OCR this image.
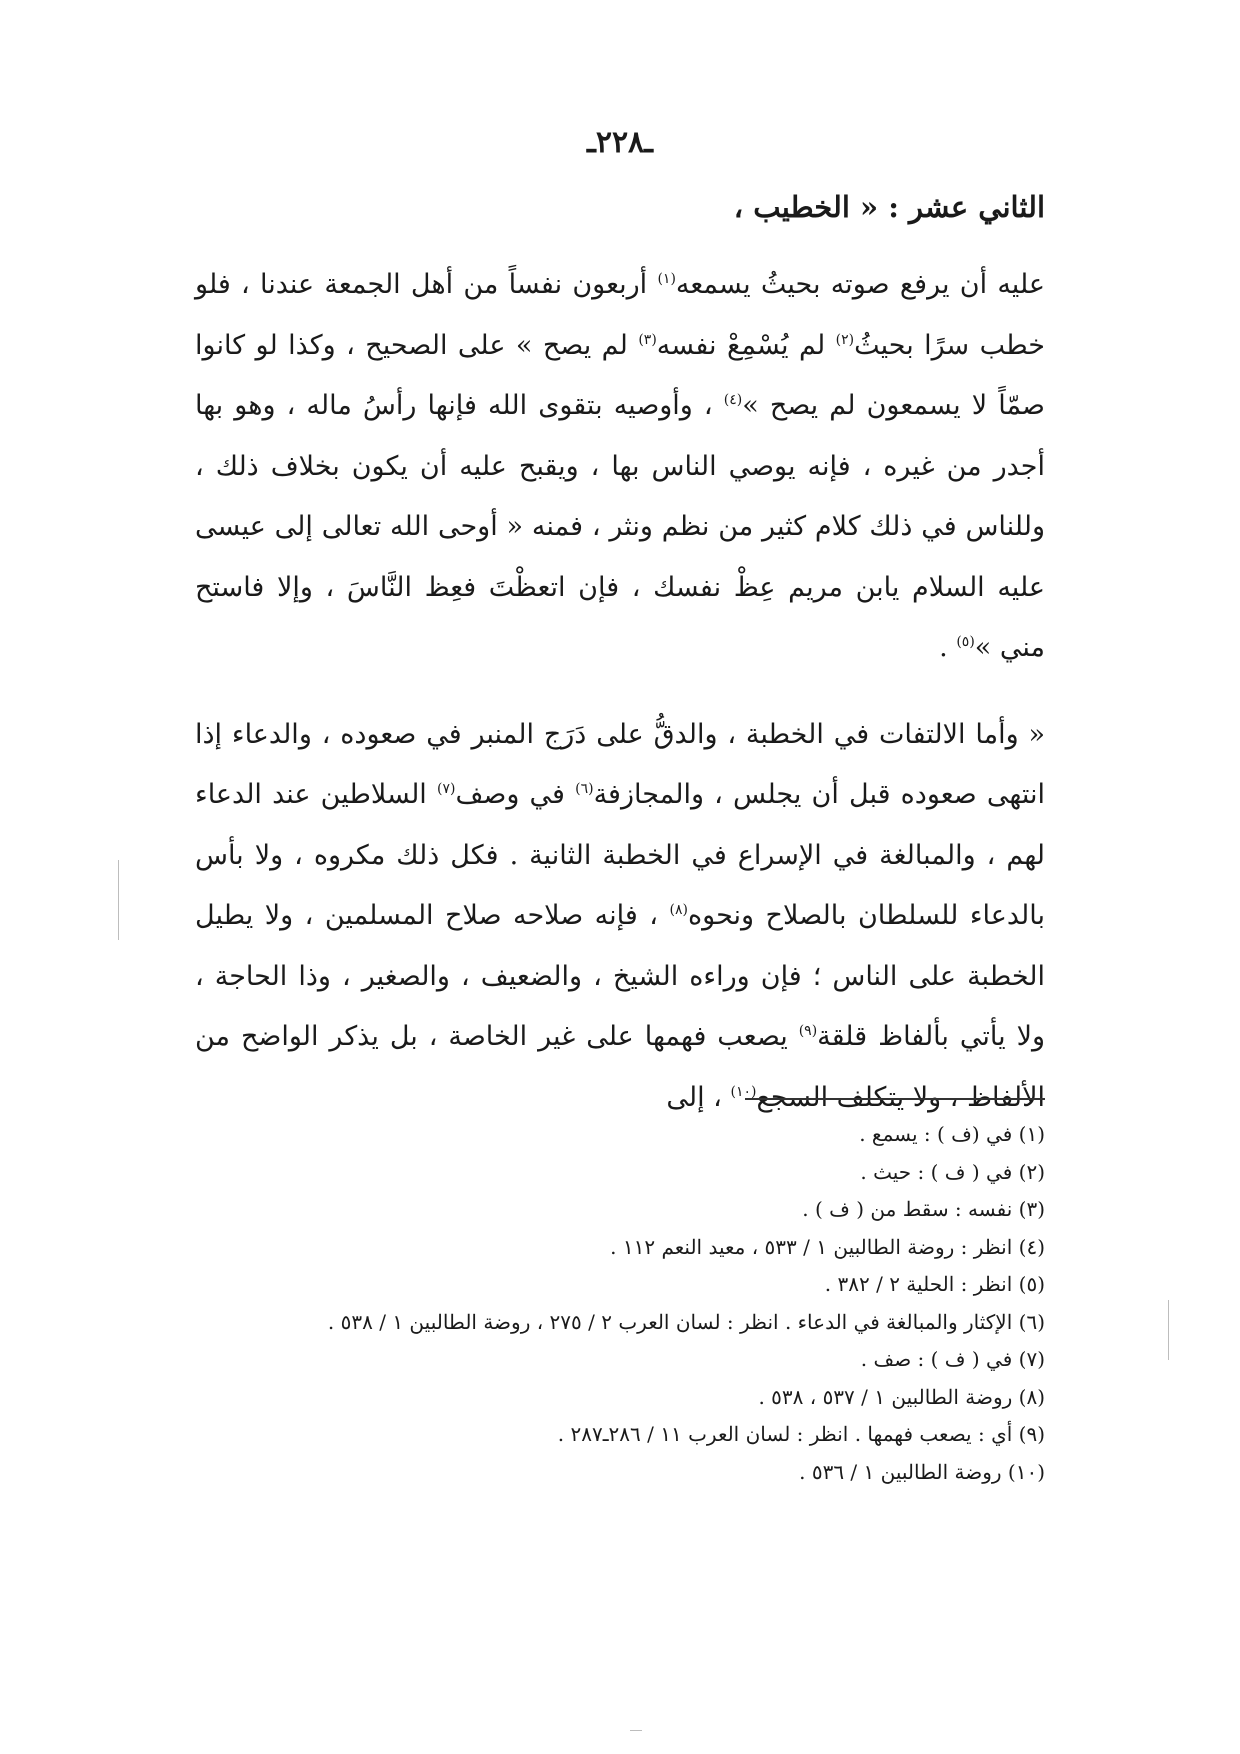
ـ٢٢٨ـ
الثاني عشر : « الخطيب ،

عليه أن يرفع صوته بحيثُ يسمعه$^{(١)}$ أربعون نفساً من أهل الجمعة عندنا ، فلو خطب سرًا بحيثُ$^{(٢)}$ لم يُسْمِعْ نفسه$^{(٣)}$ لم يصح » على الصحيح ، وكذا لو كانوا صمّاً لا يسمعون لم يصح »$^{(٤)}$ ، وأوصيه بتقوى الله فإنها رأسُ ماله ، وهو بها أجدر من غيره ، فإنه يوصي الناس بها ، ويقبح عليه أن يكون بخلاف ذلك ، وللناس في ذلك كلام كثير من نظم ونثر ، فمنه « أوحى الله تعالى إلى عيسى عليه السلام يابن مريم عِظْ نفسك ، فإن اتعظْتَ فعِظ النَّاسَ ، وإلا فاستح مني »$^{(٥)}$ .

« وأما الالتفات في الخطبة ، والدقُّ على دَرَج المنبر في صعوده ، والدعاء إذا انتهى صعوده قبل أن يجلس ، والمجازفة$^{(٦)}$ في وصف$^{(٧)}$ السلاطين عند الدعاء لهم ، والمبالغة في الإسراع في الخطبة الثانية . فكل ذلك مكروه ، ولا بأس بالدعاء للسلطان بالصلاح ونحوه$^{(٨)}$ ، فإنه صلاحه صلاح المسلمين ، ولا يطيل الخطبة على الناس ؛ فإن وراءه الشيخ ، والضعيف ، والصغير ، وذا الحاجة ، ولا يأتي بألفاظ قلقة$^{(٩)}$ يصعب فهمها على غير الخاصة ، بل يذكر الواضح من الألفاظ ، ولا يتكلف السجع$^{(١٠)}$ ، إلى

(١) في (ف ) : يسمع .

(٢) في ( ف ) : حيث .

(٣) نفسه : سقط من ( ف ) .

(٤) انظر : روضة الطالبين ١ / ٥٣٣ ، معيد النعم ١١٢ .

(٥) انظر : الحلية ٢ / ٣٨٢ .

(٦) الإكثار والمبالغة في الدعاء . انظر : لسان العرب ٢ / ٢٧٥ ، روضة الطالبين ١ / ٥٣٨ .

(٧) في ( ف ) : صف .

(٨) روضة الطالبين ١ / ٥٣٧ ، ٥٣٨ .

(٩) أي : يصعب فهمها . انظر : لسان العرب ١١ / ٢٨٦ـ٢٨٧ .

(١٠) روضة الطالبين ١ / ٥٣٦ .
